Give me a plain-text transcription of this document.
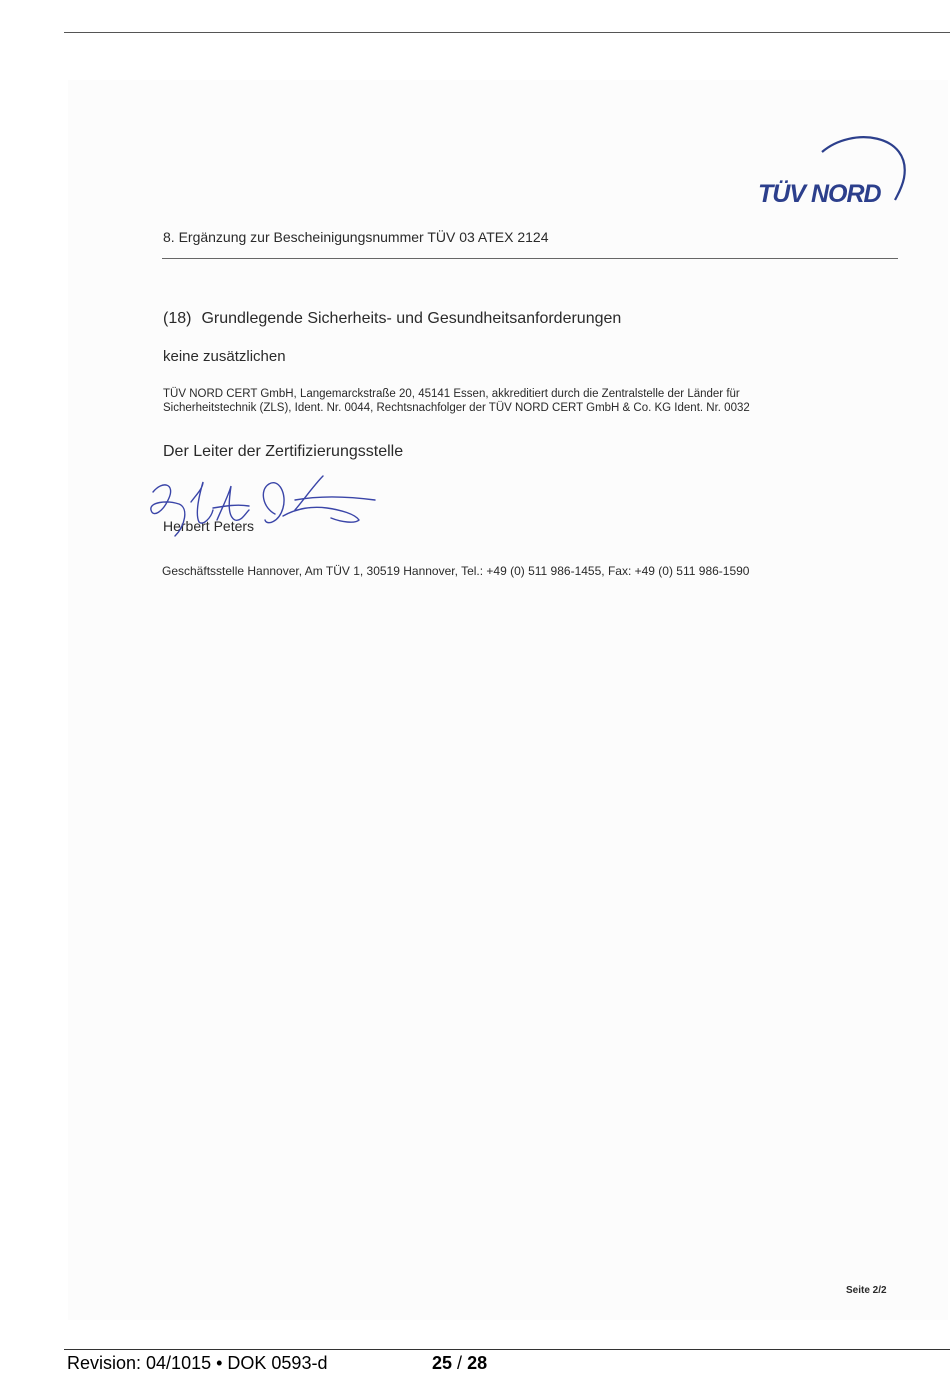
TÜV NORD
8. Ergänzung zur Bescheinigungsnummer TÜV 03 ATEX 2124
(18) Grundlegende Sicherheits- und Gesundheitsanforderungen
keine zusätzlichen
TÜV NORD CERT GmbH, Langemarckstraße 20, 45141 Essen, akkreditiert durch die Zentralstelle der Länder für
Sicherheitstechnik (ZLS), Ident. Nr. 0044, Rechtsnachfolger der TÜV NORD CERT GmbH & Co. KG Ident. Nr. 0032
Der Leiter der Zertifizierungsstelle
Herbert Peters
Geschäftsstelle Hannover, Am TÜV 1, 30519 Hannover, Tel.: +49 (0) 511 986-1455, Fax: +49 (0) 511 986-1590
Seite 2/2
Revision: 04/1015 • DOK 0593-d	25 / 28
